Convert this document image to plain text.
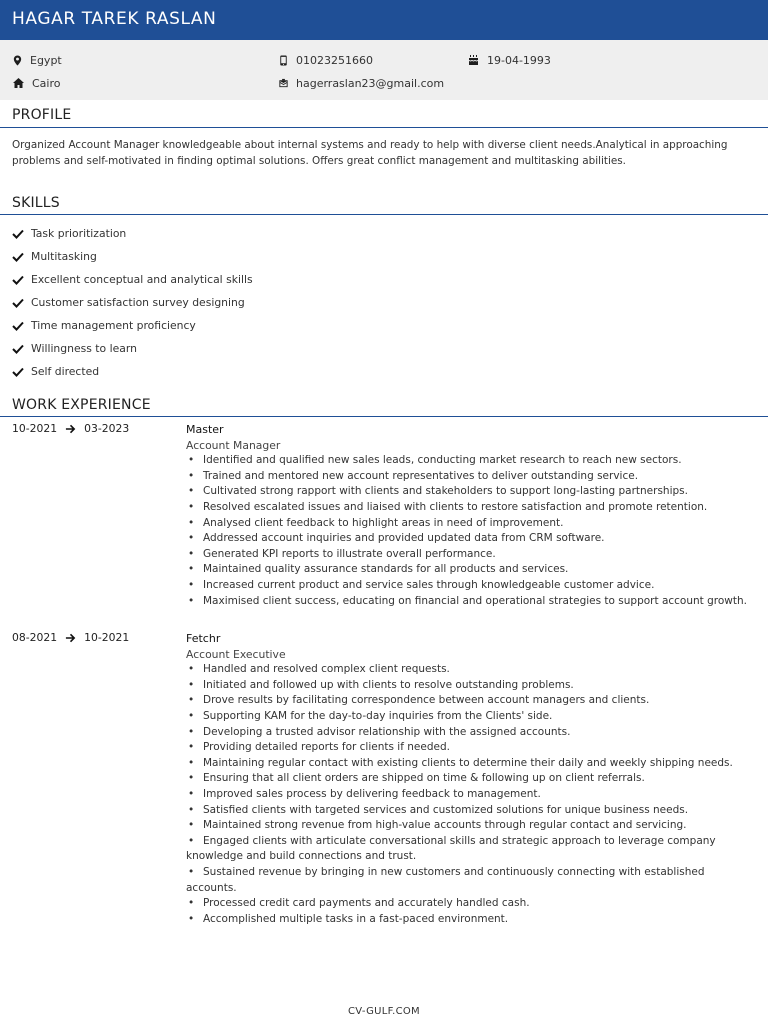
HAGAR TAREK RASLAN
Egypt
Cairo
01023251660
hagerraslan23@gmail.com
19-04-1993
PROFILE

Organized Account Manager knowledgeable about internal systems and ready to help with diverse client needs.Analytical in approaching problems and self-motivated in finding optimal solutions. Offers great conflict management and multitasking abilities.

SKILLS
Task prioritization
Multitasking
Excellent conceptual and analytical skills
Customer satisfaction survey designing
Time management proficiency
Willingness to learn
Self directed
WORK EXPERIENCE
10-2021	03-2023	Master
Account Manager
• Identified and qualified new sales leads, conducting market research to reach new sectors.
• Trained and mentored new account representatives to deliver outstanding service.
• Cultivated strong rapport with clients and stakeholders to support long-lasting partnerships.
• Resolved escalated issues and liaised with clients to restore satisfaction and promote retention.
• Analysed client feedback to highlight areas in need of improvement.
• Addressed account inquiries and provided updated data from CRM software.
• Generated KPI reports to illustrate overall performance.
• Maintained quality assurance standards for all products and services.
• Increased current product and service sales through knowledgeable customer advice.
• Maximised client success, educating on financial and operational strategies to support account growth.
08-2021	10-2021	Fetchr
Account Executive
• Handled and resolved complex client requests.
• Initiated and followed up with clients to resolve outstanding problems.
• Drove results by facilitating correspondence between account managers and clients.
• Supporting KAM for the day-to-day inquiries from the Clients' side.
• Developing a trusted advisor relationship with the assigned accounts.
• Providing detailed reports for clients if needed.
• Maintaining regular contact with existing clients to determine their daily and weekly shipping needs.
• Ensuring that all client orders are shipped on time & following up on client referrals.
• Improved sales process by delivering feedback to management.
• Satisfied clients with targeted services and customized solutions for unique business needs.
• Maintained strong revenue from high-value accounts through regular contact and servicing.
• Engaged clients with articulate conversational skills and strategic approach to leverage company knowledge and build connections and trust.
• Sustained revenue by bringing in new customers and continuously connecting with established accounts.
• Processed credit card payments and accurately handled cash.
• Accomplished multiple tasks in a fast-paced environment.
CV-GULF.COM
